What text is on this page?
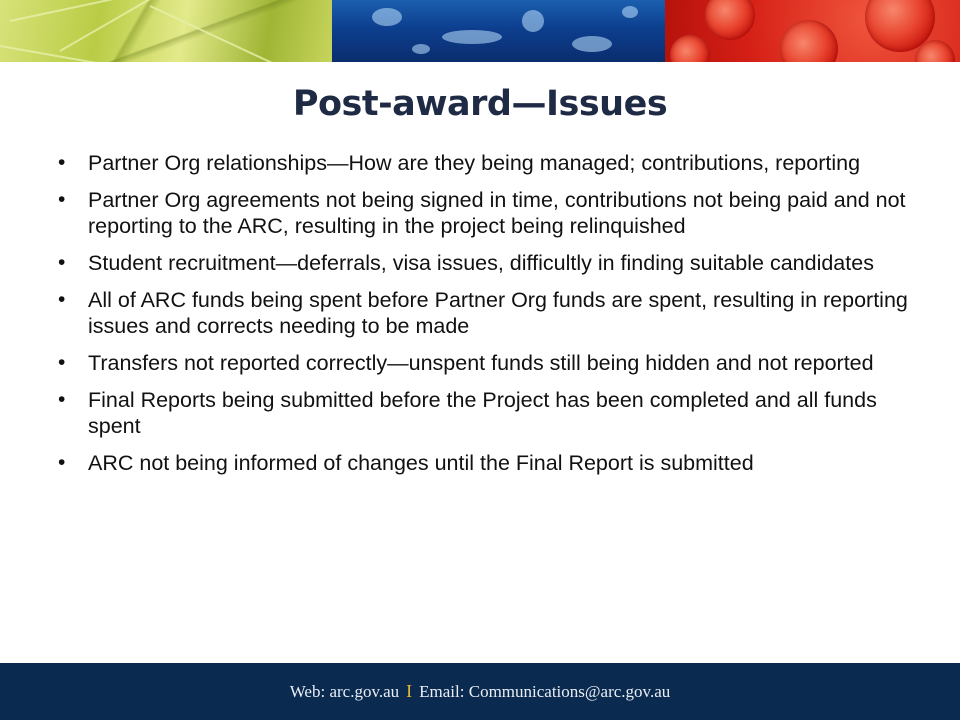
Post-award—Issues
• Partner Org relationships—How are they being managed; contributions, reporting
• Partner Org agreements not being signed in time, contributions not being paid and not reporting to the ARC, resulting in the project being relinquished
• Student recruitment—deferrals, visa issues, difficultly in finding suitable candidates
• All of ARC funds being spent before Partner Org funds are spent, resulting in reporting issues and corrects needing to be made
• Transfers not reported correctly—unspent funds still being hidden and not reported
• Final Reports being submitted before the Project has been completed and all funds spent
• ARC not being informed of changes until the Final Report is submitted
Web: arc.gov.au I Email: Communications@arc.gov.au
